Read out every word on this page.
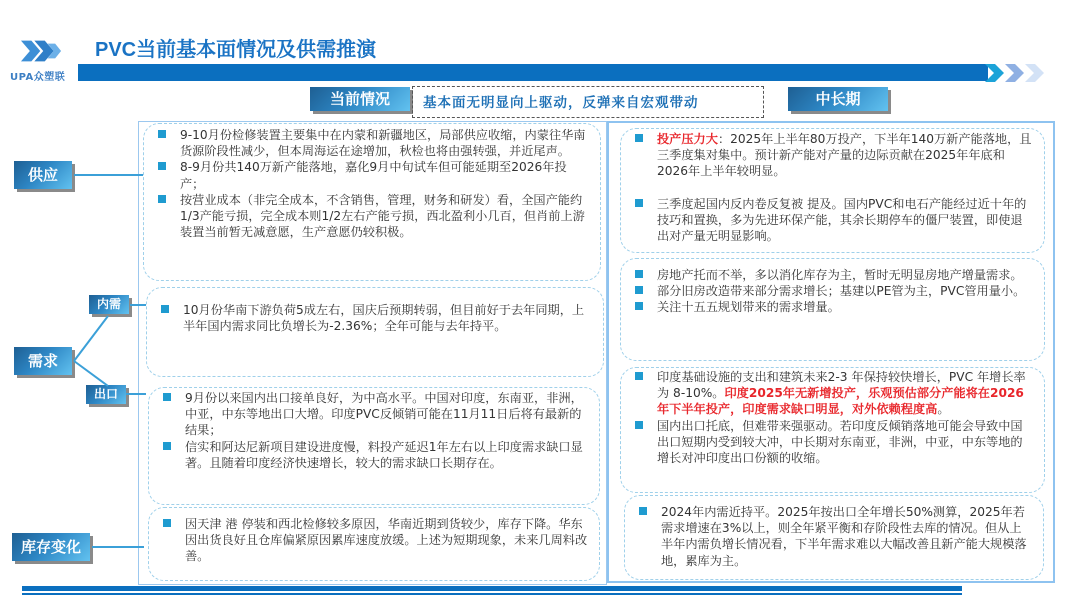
UPA众塑联
PVC当前基本面情况及供需推演
当前情况	基本面无明显向上驱动，反弹来自宏观带动	中长期
供应
需求
内需
出口
库存变化
9-10月份检修装置主要集中在内蒙和新疆地区，局部供应收缩，内蒙往华南货源阶段性减少，但本周海运在途增加，秋检也将由强转强，并近尾声。
8-9月份共140万新产能落地，嘉化9月中旬试车但可能延期至2026年投产；
按营业成本（非完全成本，不含销售，管理，财务和研发）看，全国产能约1/3产能亏损，完全成本则1/2左右产能亏损，西北盈利小几百，但肖前上游装置当前暂无减意愿，生产意愿仍较积极。
10月份华南下游负荷5成左右，国庆后预期转弱，但目前好于去年同期，上半年国内需求同比负增长为-2.36%；全年可能与去年持平。
9月份以来国内出口接单良好，为中高水平。中国对印度，东南亚，非洲，中亚，中东等地出口大增。印度PVC反倾销可能在11月11日后将有最新的结果；
信实和阿达尼新项目建设进度慢，料投产延迟1年左右以上印度需求缺口显著。且随着印度经济快速增长，较大的需求缺口长期存在。
因天津 港 停装和西北检修较多原因，华南近期到货较少，库存下降。华东因出货良好且仓库偏紧原因累库速度放缓。上述为短期现象，未来几周料改善。
投产压力大：2025年上半年80万投产，下半年140万新产能落地，且三季度集对集中。预计新产能对产量的边际贡献在2025年年底和2026年上半年较明显。
三季度起国内反内卷反复被 提及。国内PVC和电石产能经过近十年的技巧和置换，多为先进环保产能，其余长期停车的僵尸装置，即使退出对产量无明显影响。
房地产托而不举，多以消化库存为主，暂时无明显房地产增量需求。
部分旧房改造带来部分需求增长；基建以PE管为主，PVC管用量小。
关注十五五规划带来的需求增量。
印度基础设施的支出和建筑未来2-3 年保持较快增长，PVC 年增长率为 8-10%。印度2025年无新增投产，乐观预估部分产能将在2026年下半年投产，印度需求缺口明显，对外依赖程度高。
国内出口托底，但难带来强驱动。若印度反倾销落地可能会导致中国出口短期内受到较大冲，中长期对东南亚，非洲，中亚，中东等地的增长对冲印度出口份额的收缩。
2024年内需近持平。2025年按出口全年增长50%测算，2025年若需求增速在3%以上，则全年紧平衡和存阶段性去库的情况。但从上半年内需负增长情况看，下半年需求难以大幅改善且新产能大规模落地，累库为主。
